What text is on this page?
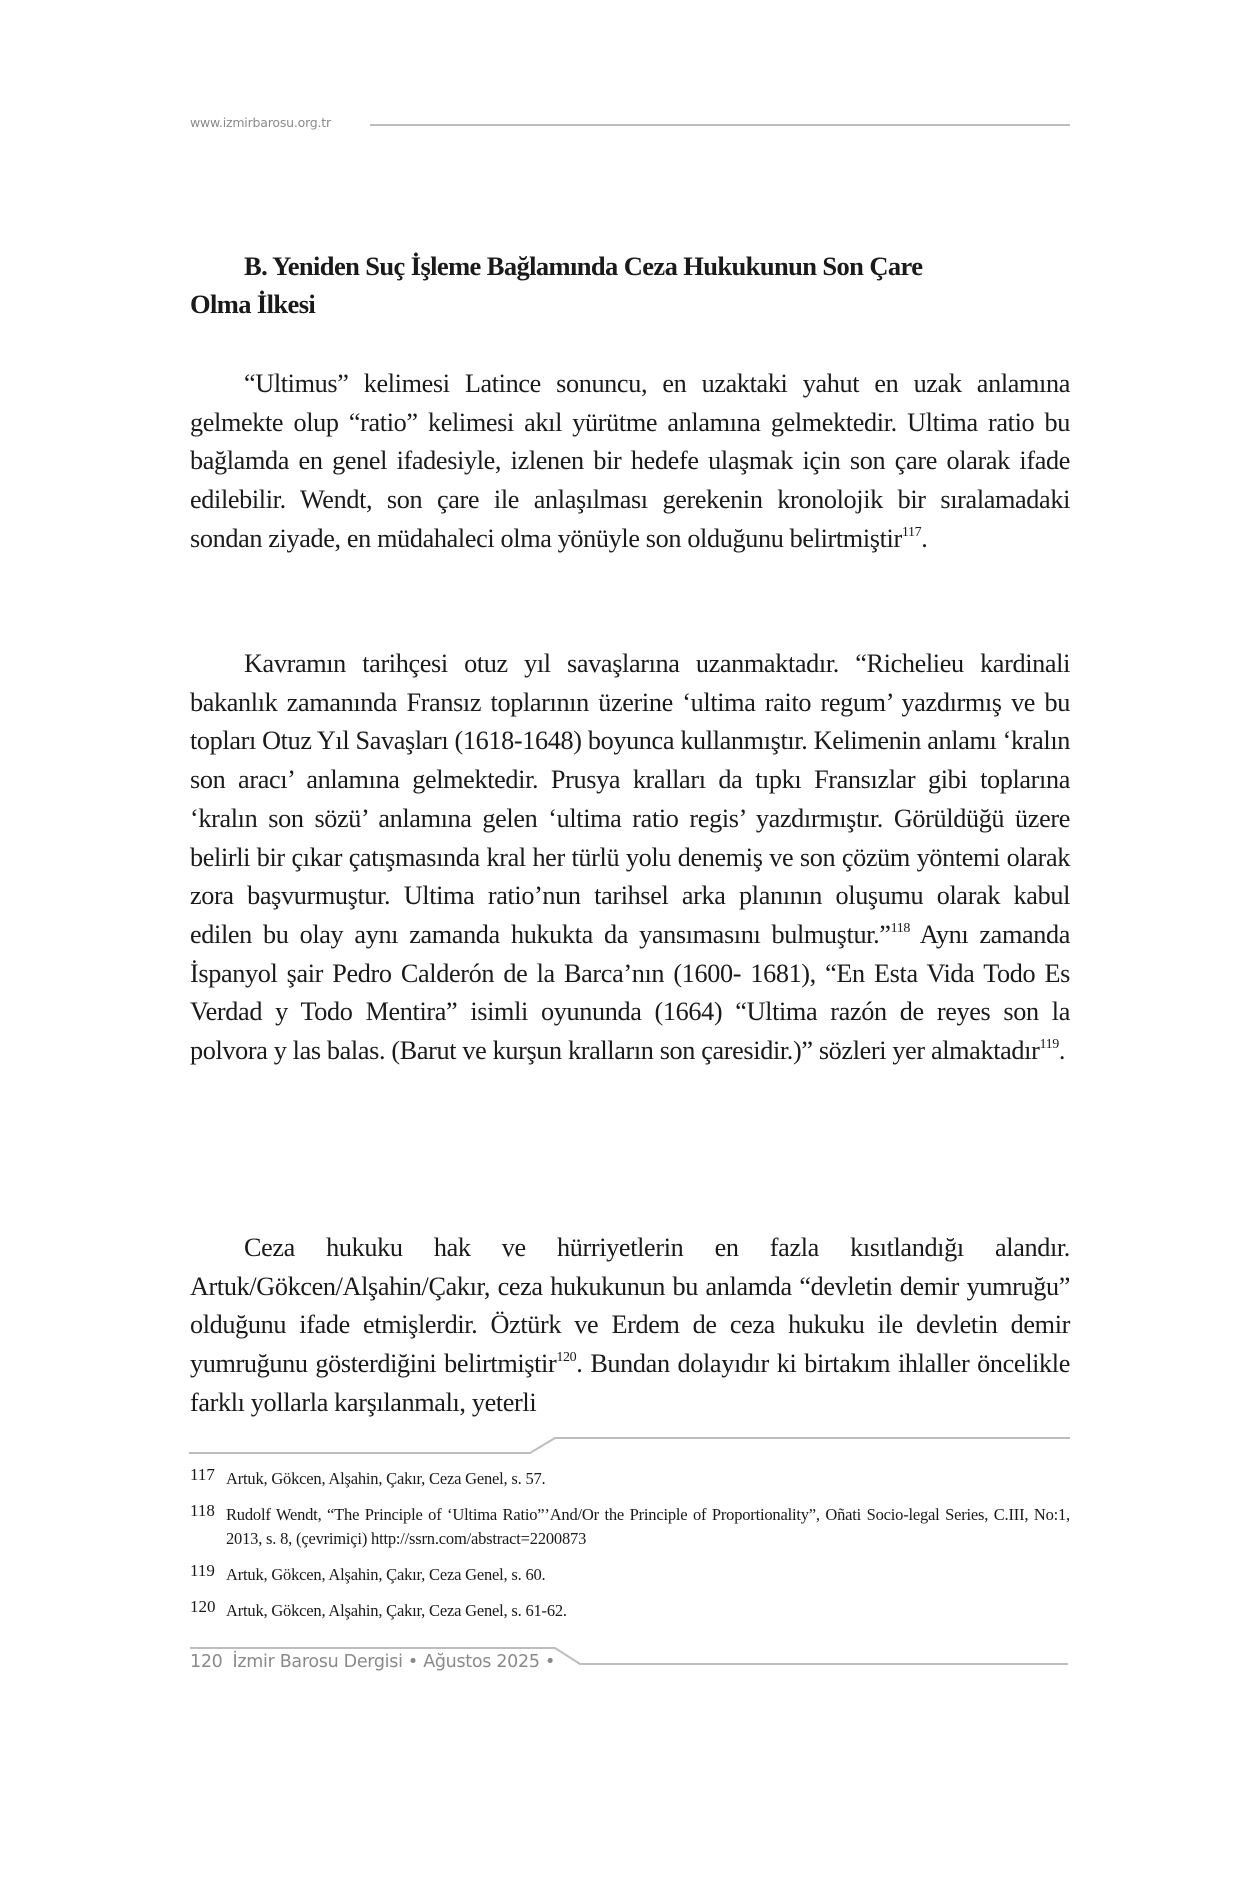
www.izmirbarosu.org.tr
B. Yeniden Suç İşleme Bağlamında Ceza Hukukunun Son Çare
Olma İlkesi

“Ultimus” kelimesi Latince sonuncu, en uzaktaki yahut en uzak anlamına gelmekte olup “ratio” kelimesi akıl yürütme anlamına gelmektedir. Ultima ratio bu bağlamda en genel ifadesiyle, izlenen bir hedefe ulaşmak için son çare olarak ifade edilebilir. Wendt, son çare ile anlaşılması gerekenin kronolojik bir sıralamadaki sondan ziyade, en müdahaleci olma yönüyle son olduğunu belirtmiştir$^{117}$.

Kavramın tarihçesi otuz yıl savaşlarına uzanmaktadır. “Richelieu kardinali bakanlık zamanında Fransız toplarının üzerine ‘ultima raito regum’ yazdırmış ve bu topları Otuz Yıl Savaşları (1618-1648) boyunca kullanmıştır. Kelimenin anlamı ‘kralın son aracı’ anlamına gelmektedir. Prusya kralları da tıpkı Fransızlar gibi toplarına ‘kralın son sözü’ anlamına gelen ‘ultima ratio regis’ yazdırmıştır. Görüldüğü üzere belirli bir çıkar çatışmasında kral her türlü yolu denemiş ve son çözüm yöntemi olarak zora başvurmuştur. Ultima ratio’nun tarihsel arka planının oluşumu olarak kabul edilen bu olay aynı zamanda hukukta da yansımasını bulmuştur.”$^{118}$ Aynı zamanda İspanyol şair Pedro Calderón de la Barca’nın (1600- 1681), “En Esta Vida Todo Es Verdad y Todo Mentira” isimli oyununda (1664) “Ultima razón de reyes son la polvora y las balas. (Barut ve kurşun kralların son çaresidir.)” sözleri yer almaktadır$^{119}$.

Ceza hukuku hak ve hürriyetlerin en fazla kısıtlandığı alandır. Artuk/Gökcen/Alşahin/Çakır, ceza hukukunun bu anlamda “devletin demir yumruğu” olduğunu ifade etmişlerdir. Öztürk ve Erdem de ceza hukuku ile devletin demir yumruğunu gösterdiğini belirtmiştir$^{120}$. Bundan dolayıdır ki birtakım ihlaller öncelikle farklı yollarla karşılanmalı, yeterli

117 Artuk, Gökcen, Alşahin, Çakır, Ceza Genel, s. 57.
118 Rudolf Wendt, “The Principle of ‘Ultima Ratio”’And/Or the Principle of Proportionality”, Oñati Socio-legal Series, C.III, No:1, 2013, s. 8, (çevrimiçi) http://ssrn.com/abstract=2200873
119 Artuk, Gökcen, Alşahin, Çakır, Ceza Genel, s. 60.
120 Artuk, Gökcen, Alşahin, Çakır, Ceza Genel, s. 61-62.
120 İzmir Barosu Dergisi • Ağustos 2025 •
